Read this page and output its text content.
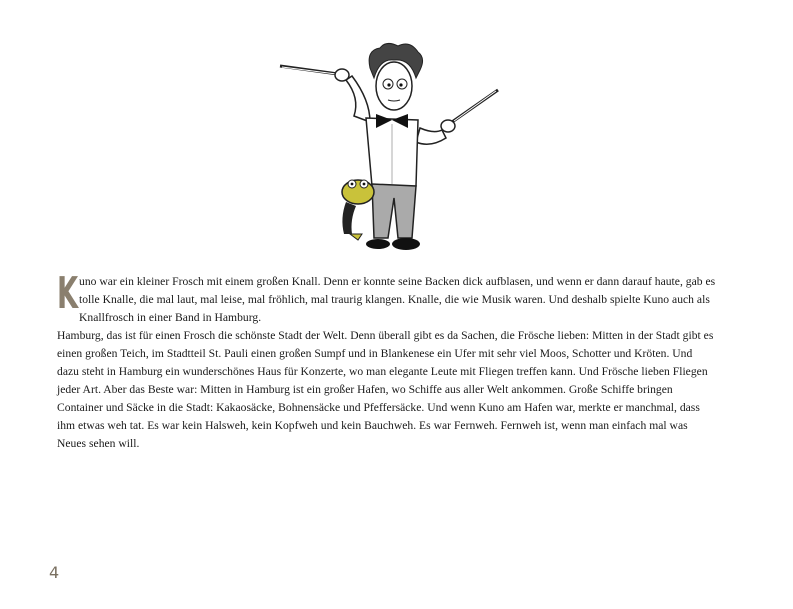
Kuno war ein kleiner Frosch mit einem großen Knall. Denn er konnte seine Backen dick aufblasen, und wenn er dann darauf haute, gab es tolle Knalle, die mal laut, mal leise, mal fröhlich, mal traurig klangen. Knalle, die wie Musik waren. Und deshalb spielte Kuno auch als Knallfrosch in einer Band in Hamburg.

Hamburg, das ist für einen Frosch die schönste Stadt der Welt. Denn überall gibt es da Sachen, die Frösche lieben: Mitten in der Stadt gibt es einen großen Teich, im Stadtteil St. Pauli einen großen Sumpf und in Blankenese ein Ufer mit sehr viel Moos, Schotter und Kröten. Und dazu steht in Hamburg ein wunderschönes Haus für Konzerte, wo man elegante Leute mit Fliegen treffen kann. Und Frösche lieben Fliegen jeder Art. Aber das Beste war: Mitten in Hamburg ist ein großer Hafen, wo Schiffe aus aller Welt ankommen. Große Schiffe bringen Container und Säcke in die Stadt: Kakaosäcke, Bohnensäcke und Pfeffersäcke. Und wenn Kuno am Hafen war, merkte er manchmal, dass ihm etwas weh tat. Es war kein Halsweh, kein Kopfweh und kein Bauchweh. Es war Fernweh. Fernweh ist, wenn man einfach mal was Neues sehen will.

4
